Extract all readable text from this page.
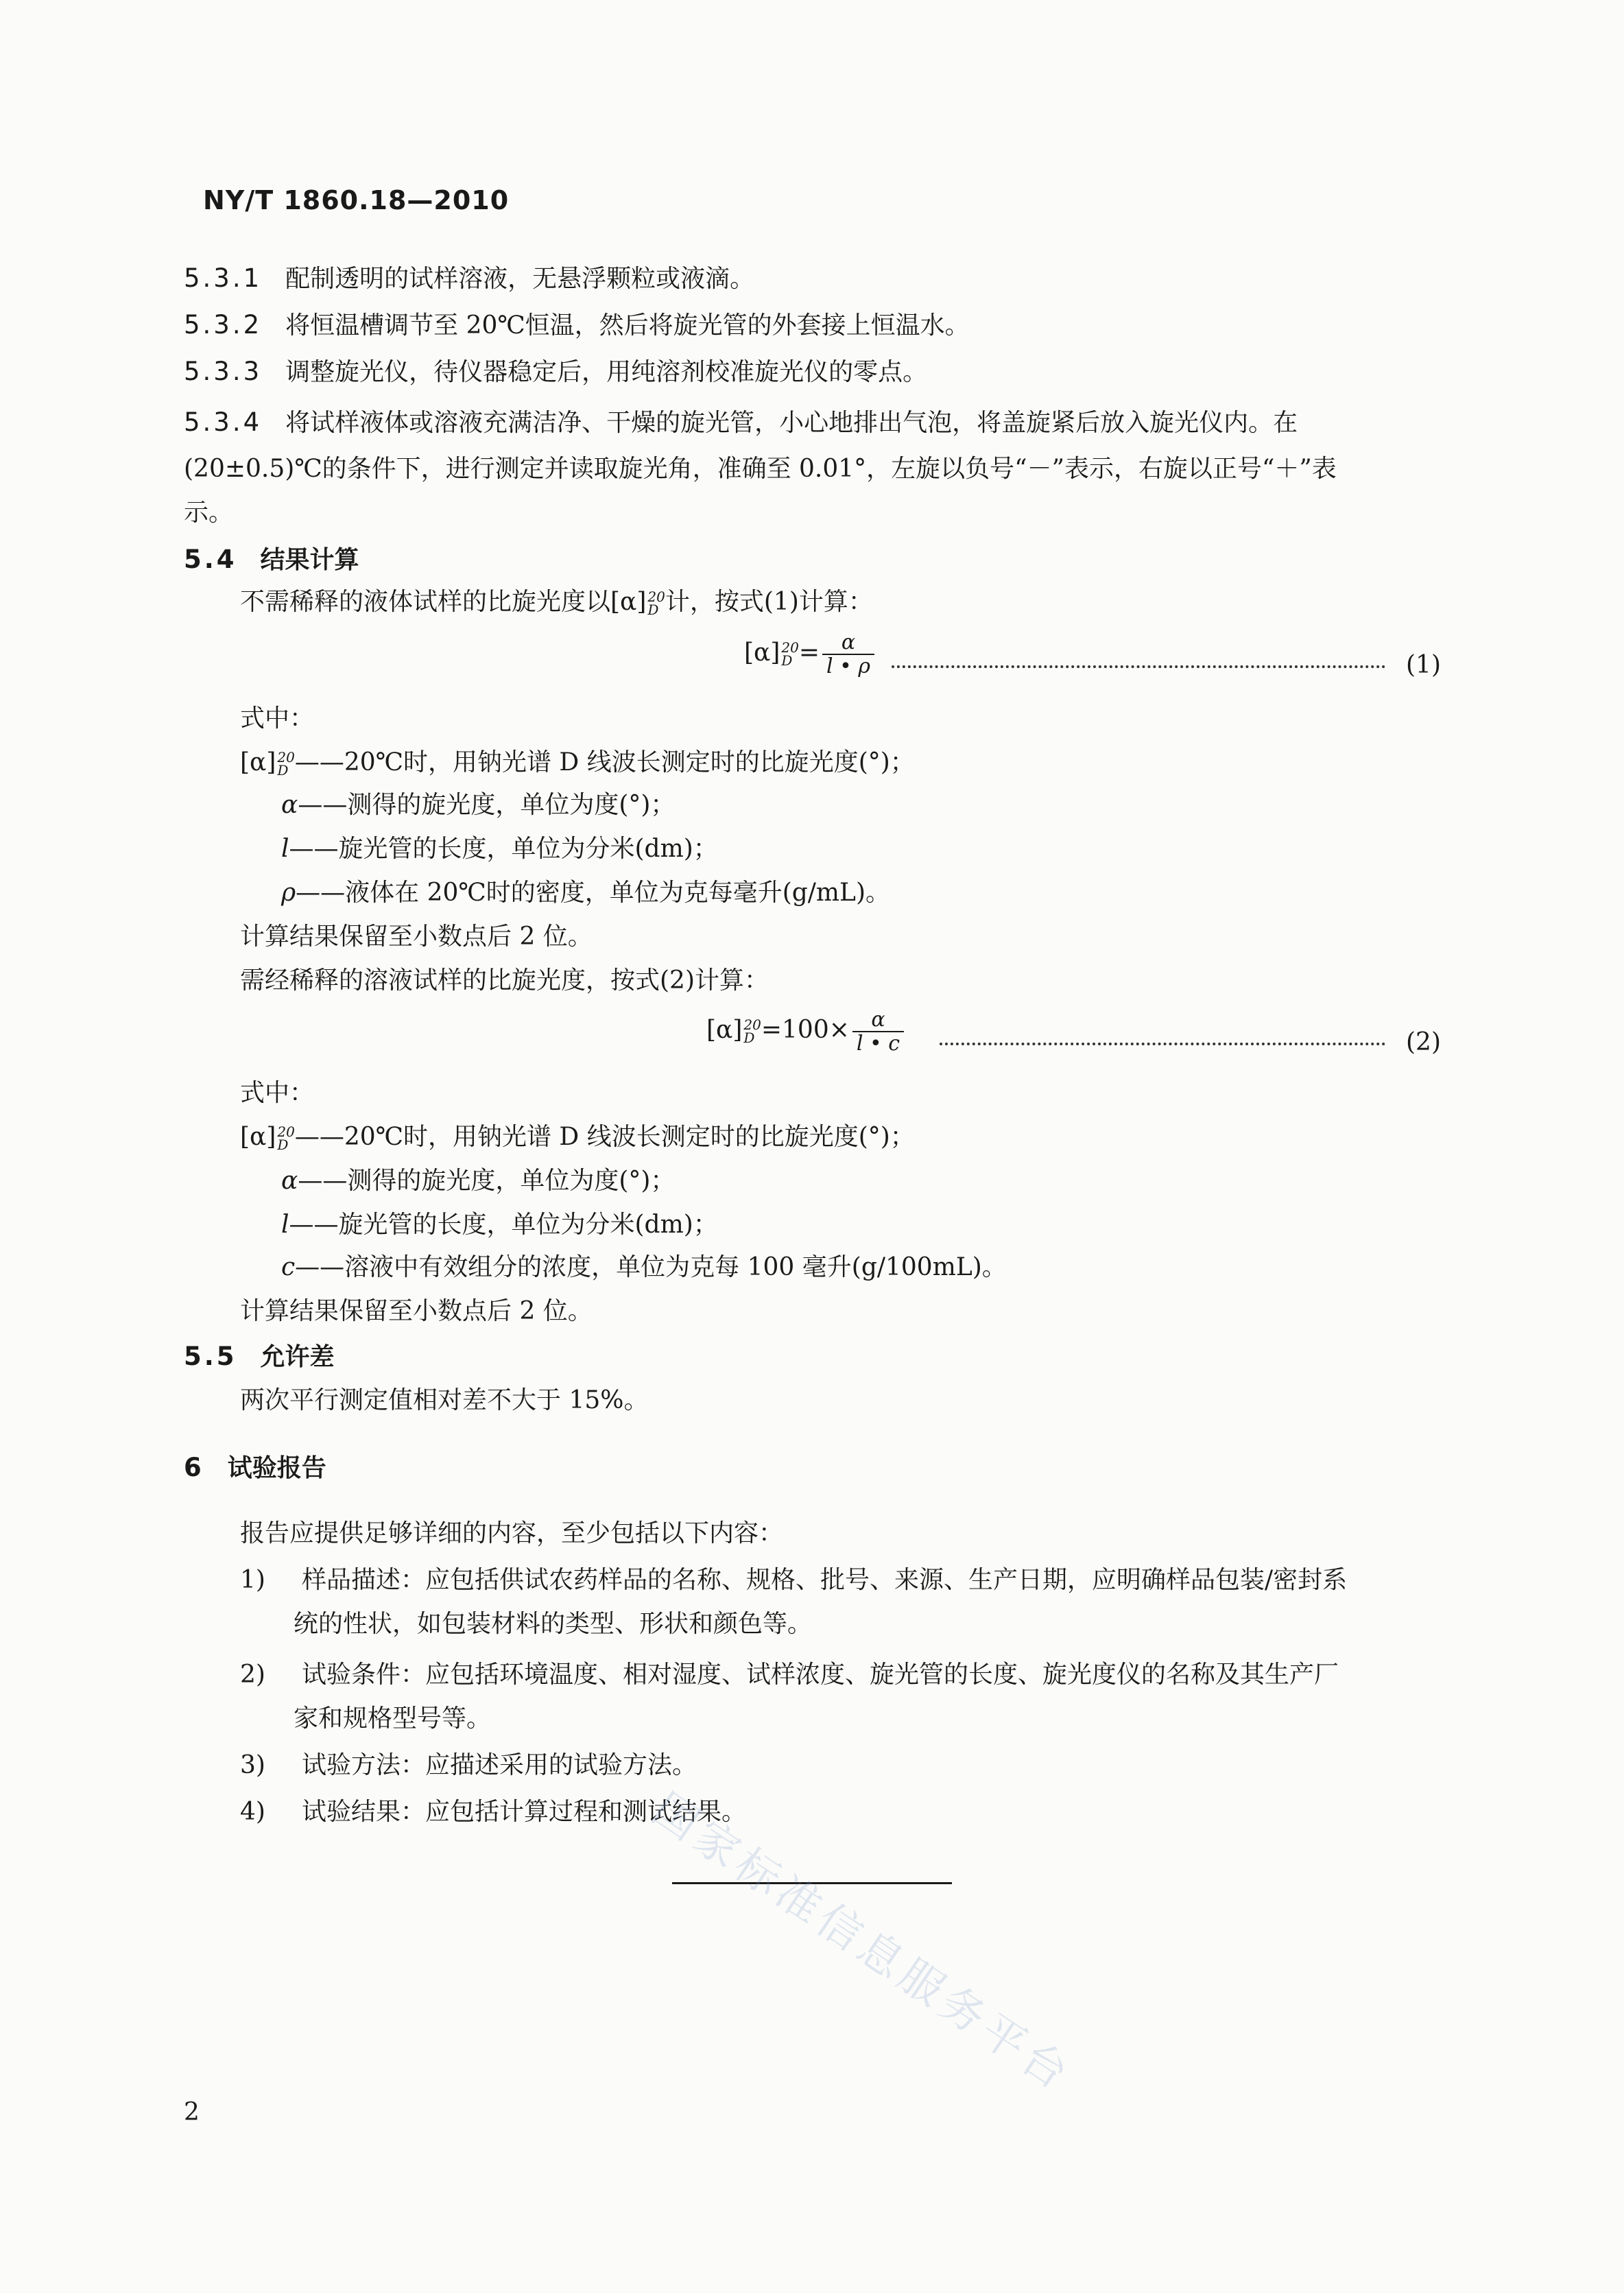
NY/T 1860.18—2010
5.3.1 配制透明的试样溶液，无悬浮颗粒或液滴。
5.3.2 将恒温槽调节至 20℃恒温，然后将旋光管的外套接上恒温水。
5.3.3 调整旋光仪，待仪器稳定后，用纯溶剂校准旋光仪的零点。
5.3.4 将试样液体或溶液充满洁净、干燥的旋光管，小心地排出气泡，将盖旋紧后放入旋光仪内。在
(20±0.5)℃的条件下，进行测定并读取旋光角，准确至 0.01°，左旋以负号“－”表示，右旋以正号“＋”表
示。
5.4 结果计算
不需稀释的液体试样的比旋光度以[α] 20
D 计，按式(1)计算：
[α] 20
$D = \frac{\alpha}{l • \rho}$	(1)
式中：
[α] 20
D ——20℃时，用钠光谱 D 线波长测定时的比旋光度(°)；
α——测得的旋光度，单位为度(°)；
l——旋光管的长度，单位为分米(dm)；
ρ——液体在 20℃时的密度，单位为克每毫升(g/mL)。
计算结果保留至小数点后 2 位。
需经稀释的溶液试样的比旋光度，按式(2)计算：
[α] 20
$D =100\times \frac{\alpha}{l • c}$	(2)
式中：
[α] 20
D ——20℃时，用钠光谱 D 线波长测定时的比旋光度(°)；
α——测得的旋光度，单位为度(°)；
l——旋光管的长度，单位为分米(dm)；
c——溶液中有效组分的浓度，单位为克每 100 毫升(g/100mL)。
计算结果保留至小数点后 2 位。
5.5 允许差
两次平行测定值相对差不大于 15%。
6 试验报告
报告应提供足够详细的内容，至少包括以下内容：
1) 样品描述：应包括供试农药样品的名称、规格、批号、来源、生产日期，应明确样品包装/密封系
统的性状，如包装材料的类型、形状和颜色等。
2) 试验条件：应包括环境温度、相对湿度、试样浓度、旋光管的长度、旋光度仪的名称及其生产厂
家和规格型号等。
3) 试验方法：应描述采用的试验方法。
4) 试验结果：应包括计算过程和测试结果。
国家标准信息服务平台
2
